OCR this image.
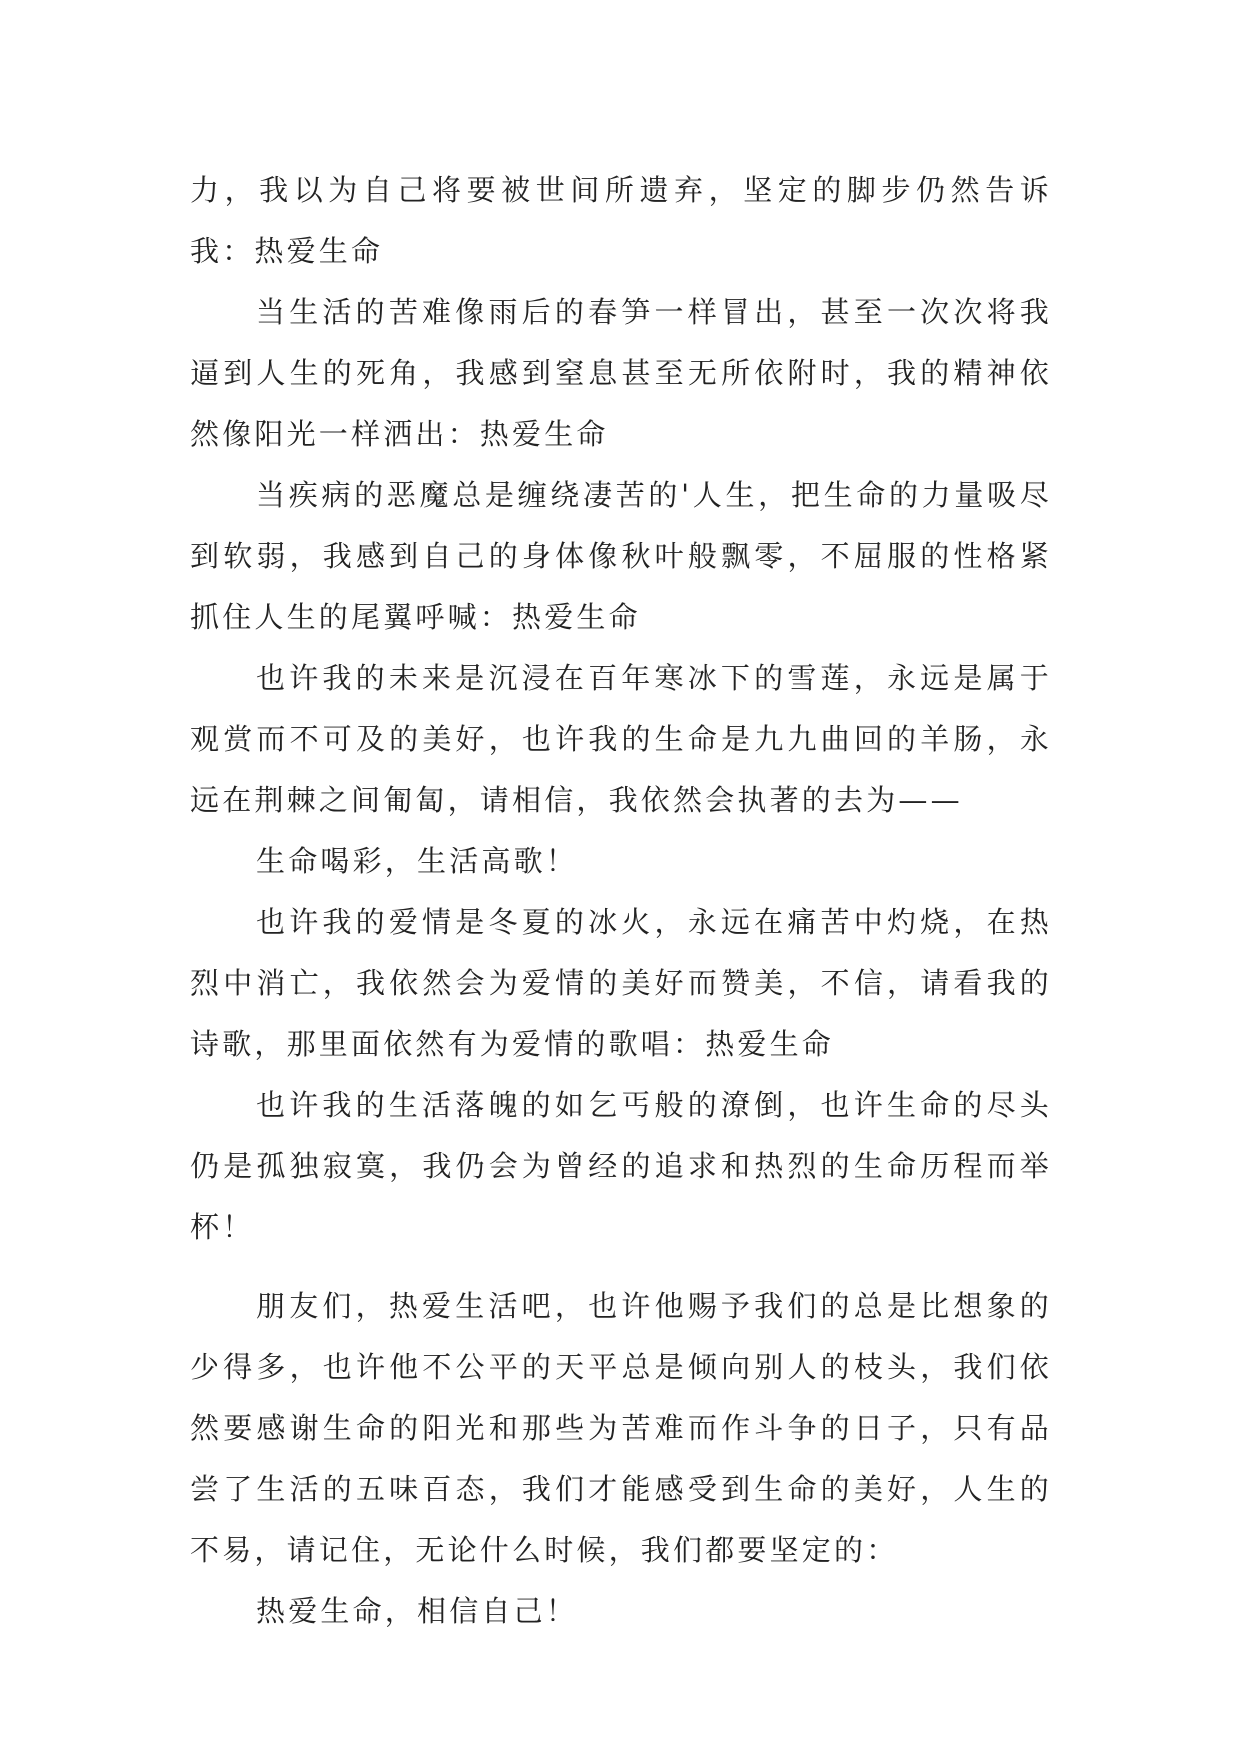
力，我以为自己将要被世间所遗弃，坚定的脚步仍然告诉我：热爱生命

当生活的苦难像雨后的春笋一样冒出，甚至一次次将我逼到人生的死角，我感到窒息甚至无所依附时，我的精神依然像阳光一样洒出：热爱生命

当疾病的恶魔总是缠绕凄苦的'人生，把生命的力量吸尽到软弱，我感到自己的身体像秋叶般飘零，不屈服的性格紧抓住人生的尾翼呼喊：热爱生命

也许我的未来是沉浸在百年寒冰下的雪莲，永远是属于观赏而不可及的美好，也许我的生命是九九曲回的羊肠，永远在荆棘之间匍匐，请相信，我依然会执著的去为——

生命喝彩，生活高歌！

也许我的爱情是冬夏的冰火，永远在痛苦中灼烧，在热烈中消亡，我依然会为爱情的美好而赞美，不信，请看我的诗歌，那里面依然有为爱情的歌唱：热爱生命

也许我的生活落魄的如乞丐般的潦倒，也许生命的尽头仍是孤独寂寞，我仍会为曾经的追求和热烈的生命历程而举杯！

朋友们，热爱生活吧，也许他赐予我们的总是比想象的少得多，也许他不公平的天平总是倾向别人的枝头，我们依然要感谢生命的阳光和那些为苦难而作斗争的日子，只有品尝了生活的五味百态，我们才能感受到生命的美好，人生的不易，请记住，无论什么时候，我们都要坚定的：

热爱生命，相信自己！
